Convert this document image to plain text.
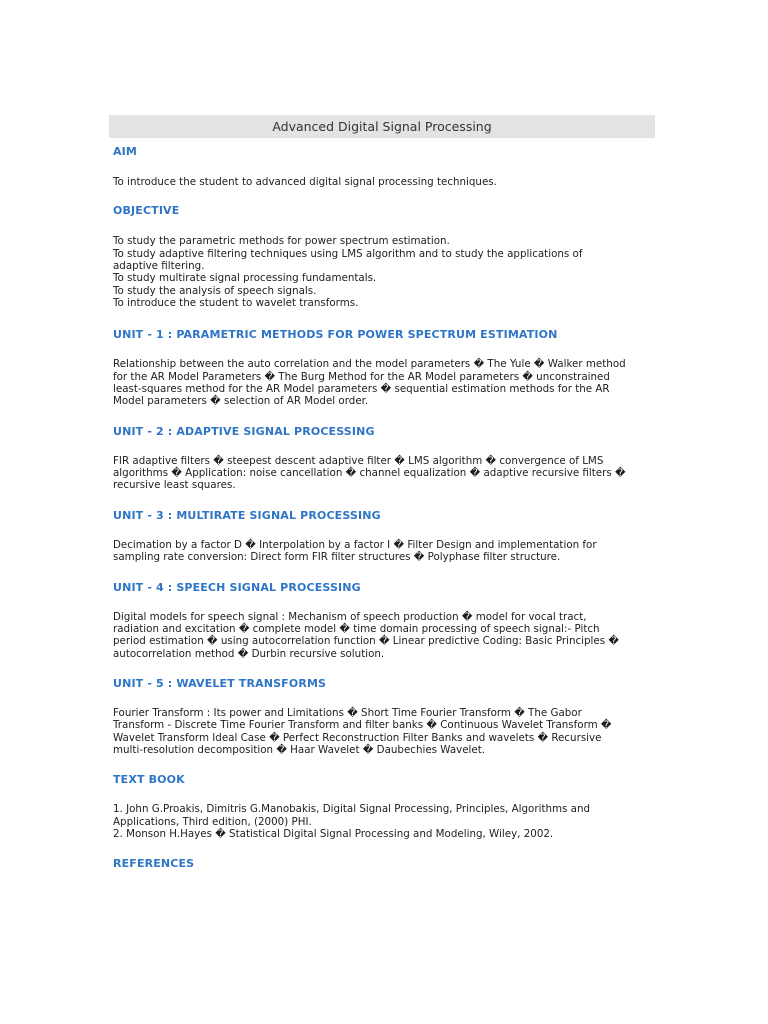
Advanced Digital Signal Processing
AIM
To introduce the student to advanced digital signal processing techniques.
OBJECTIVE
To study the parametric methods for power spectrum estimation.
To study adaptive filtering techniques using LMS algorithm and to study the applications of
adaptive filtering.
To study multirate signal processing fundamentals.
To study the analysis of speech signals.
To introduce the student to wavelet transforms.
UNIT - 1 : PARAMETRIC METHODS FOR POWER SPECTRUM ESTIMATION
Relationship between the auto correlation and the model parameters � The Yule � Walker method
for the AR Model Parameters � The Burg Method for the AR Model parameters � unconstrained
least-squares method for the AR Model parameters � sequential estimation methods for the AR
Model parameters � selection of AR Model order.
UNIT - 2 : ADAPTIVE SIGNAL PROCESSING
FIR adaptive filters � steepest descent adaptive filter � LMS algorithm � convergence of LMS
algorithms � Application: noise cancellation � channel equalization � adaptive recursive filters �
recursive least squares.
UNIT - 3 : MULTIRATE SIGNAL PROCESSING
Decimation by a factor D � Interpolation by a factor I � Filter Design and implementation for
sampling rate conversion: Direct form FIR filter structures � Polyphase filter structure.
UNIT - 4 : SPEECH SIGNAL PROCESSING
Digital models for speech signal : Mechanism of speech production � model for vocal tract,
radiation and excitation � complete model � time domain processing of speech signal:- Pitch
period estimation � using autocorrelation function � Linear predictive Coding: Basic Principles �
autocorrelation method � Durbin recursive solution.
UNIT - 5 : WAVELET TRANSFORMS
Fourier Transform : Its power and Limitations � Short Time Fourier Transform � The Gabor
Transform - Discrete Time Fourier Transform and filter banks � Continuous Wavelet Transform �
Wavelet Transform Ideal Case � Perfect Reconstruction Filter Banks and wavelets � Recursive
multi-resolution decomposition � Haar Wavelet � Daubechies Wavelet.
TEXT BOOK
1. John G.Proakis, Dimitris G.Manobakis, Digital Signal Processing, Principles, Algorithms and
Applications, Third edition, (2000) PHI.
2. Monson H.Hayes � Statistical Digital Signal Processing and Modeling, Wiley, 2002.
REFERENCES
